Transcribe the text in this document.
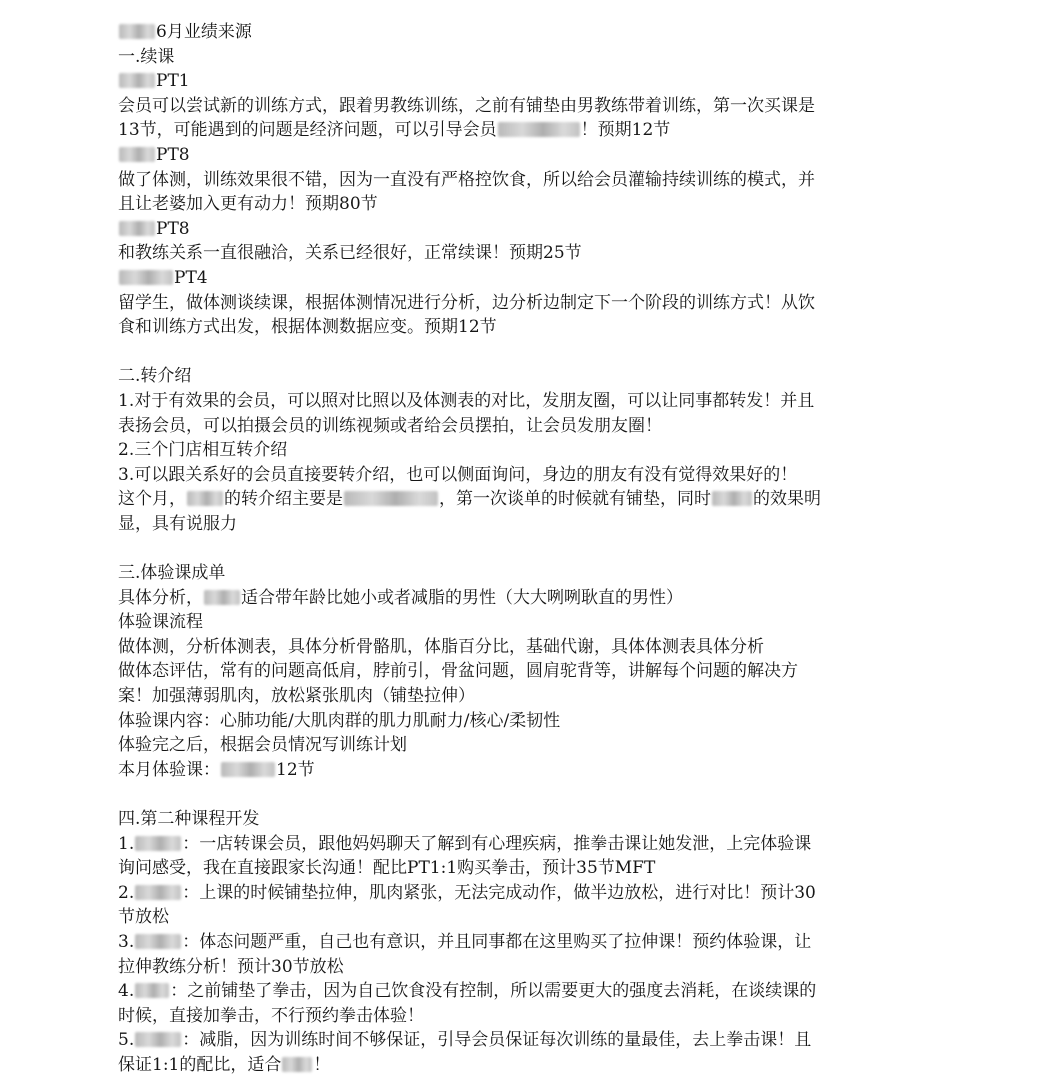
6月业绩来源

一.续课

PT1

会员可以尝试新的训练方式，跟着男教练训练，之前有铺垫由男教练带着训练，第一次买课是

13节，可能遇到的问题是经济问题，可以引导会员	！预期12节

PT8

做了体测，训练效果很不错，因为一直没有严格控饮食，所以给会员灌输持续训练的模式，并

且让老婆加入更有动力！预期80节

PT8

和教练关系一直很融洽，关系已经很好，正常续课！预期25节

PT4

留学生，做体测谈续课，根据体测情况进行分析，边分析边制定下一个阶段的训练方式！从饮

食和训练方式出发，根据体测数据应变。预期12节

二.转介绍

1.对于有效果的会员，可以照对比照以及体测表的对比，发朋友圈，可以让同事都转发！并且

表扬会员，可以拍摄会员的训练视频或者给会员摆拍，让会员发朋友圈！

2.三个门店相互转介绍

3.可以跟关系好的会员直接要转介绍，也可以侧面询问，身边的朋友有没有觉得效果好的！

这个月， 的转介绍主要是	，第一次谈单的时候就有铺垫，同时 的效果明

显，具有说服力

三.体验课成单

具体分析， 适合带年龄比她小或者减脂的男性（大大咧咧耿直的男性）

体验课流程

做体测，分析体测表，具体分析骨骼肌，体脂百分比，基础代谢，具体体测表具体分析

做体态评估，常有的问题高低肩，脖前引，骨盆问题，圆肩驼背等，讲解每个问题的解决方

案！加强薄弱肌肉，放松紧张肌肉（铺垫拉伸）

体验课内容：心肺功能/大肌肉群的肌力肌耐力/核心/柔韧性

体验完之后，根据会员情况写训练计划

本月体验课：	12节

四.第二种课程开发

1.	：一店转课会员，跟他妈妈聊天了解到有心理疾病，推拳击课让她发泄，上完体验课

询问感受，我在直接跟家长沟通！配比PT1:1购买拳击，预计35节MFT

2.	：上课的时候铺垫拉伸，肌肉紧张，无法完成动作，做半边放松，进行对比！预计30

节放松

3.	：体态问题严重，自己也有意识，并且同事都在这里购买了拉伸课！预约体验课，让

拉伸教练分析！预计30节放松

4. ：之前铺垫了拳击，因为自己饮食没有控制，所以需要更大的强度去消耗，在谈续课的

时候，直接加拳击，不行预约拳击体验！

5.	：减脂，因为训练时间不够保证，引导会员保证每次训练的量最佳，去上拳击课！且

保证1:1的配比，适合 ！
